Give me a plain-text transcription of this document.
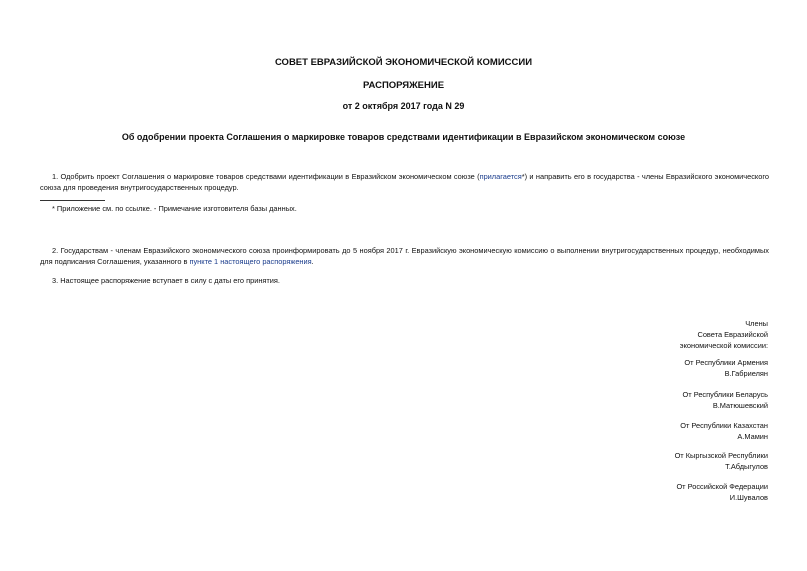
СОВЕТ ЕВРАЗИЙСКОЙ ЭКОНОМИЧЕСКОЙ КОМИССИИ
РАСПОРЯЖЕНИЕ
от 2 октября 2017 года N 29
Об одобрении проекта Соглашения о маркировке товаров средствами идентификации в Евразийском экономическом союзе
1. Одобрить проект Соглашения о маркировке товаров средствами идентификации в Евразийском экономическом союзе (прилагается*) и направить его в государства - члены Евразийского экономического союза для проведения внутригосударственных процедур.
* Приложение см. по ссылке. - Примечание изготовителя базы данных.
2. Государствам - членам Евразийского экономического союза проинформировать до 5 ноября 2017 г. Евразийскую экономическую комиссию о выполнении внутригосударственных процедур, необходимых для подписания Соглашения, указанного в пункте 1 настоящего распоряжения.
3. Настоящее распоряжение вступает в силу с даты его принятия.
Члены
Совета Евразийской
экономической комиссии:
От Республики Армения
В.Габриелян
От Республики Беларусь
В.Матюшевский
От Республики Казахстан
А.Мамин
От Кыргызской Республики
Т.Абдыгулов
От Российской Федерации
И.Шувалов
